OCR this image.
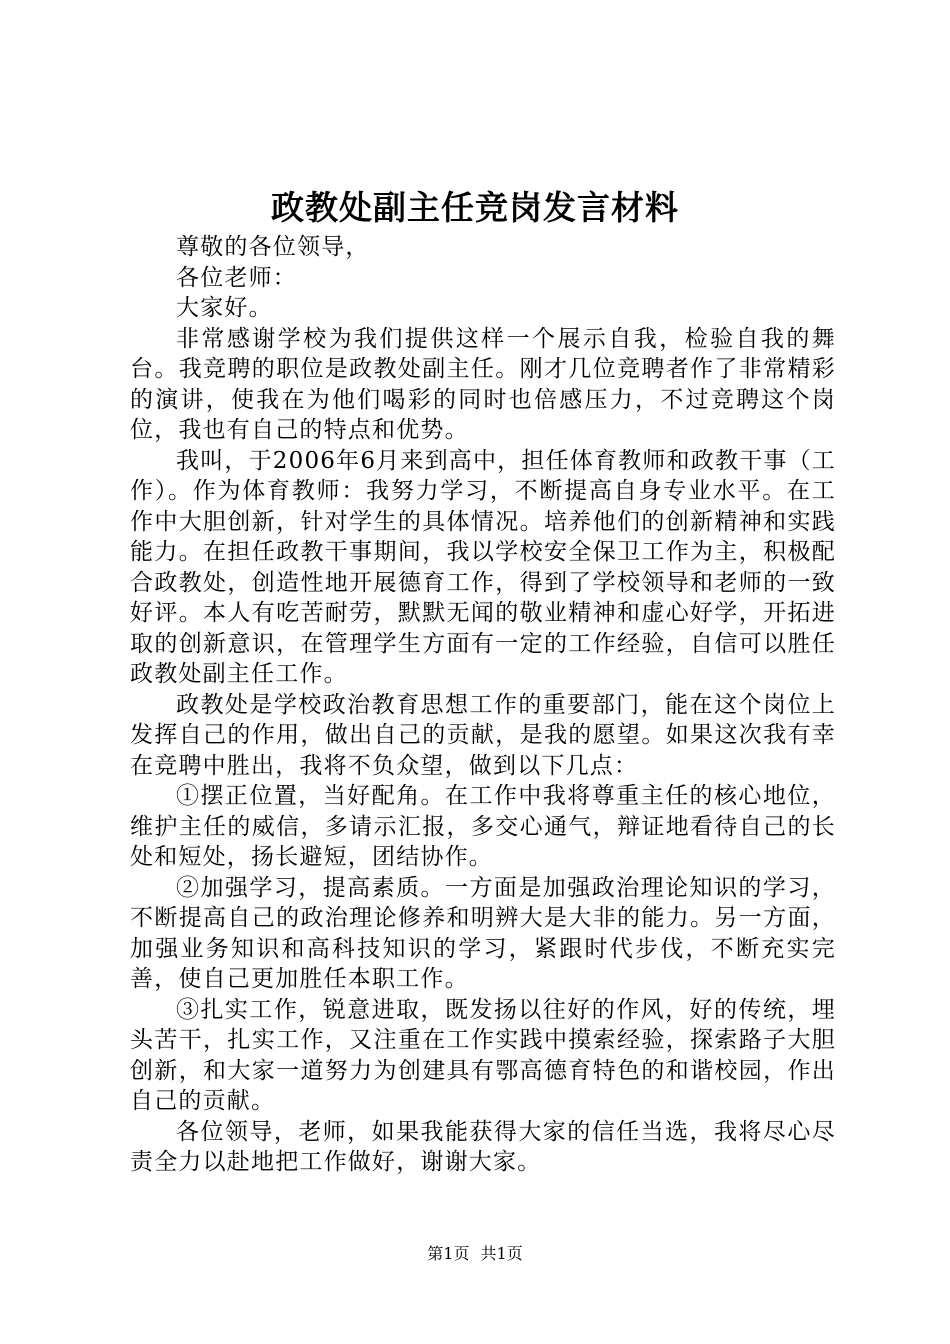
政教处副主任竞岗发言材料

尊敬的各位领导，

各位老师：

大家好。

非常感谢学校为我们提供这样一个展示自我，检验自我的舞台。我竞聘的职位是政教处副主任。刚才几位竞聘者作了非常精彩的演讲，使我在为他们喝彩的同时也倍感压力，不过竞聘这个岗位，我也有自己的特点和优势。

我叫，于2006年6月来到高中，担任体育教师和政教干事（工作）。作为体育教师：我努力学习，不断提高自身专业水平。在工作中大胆创新，针对学生的具体情况。培养他们的创新精神和实践能力。在担任政教干事期间，我以学校安全保卫工作为主，积极配合政教处，创造性地开展德育工作，得到了学校领导和老师的一致好评。本人有吃苦耐劳，默默无闻的敬业精神和虚心好学，开拓进取的创新意识，在管理学生方面有一定的工作经验，自信可以胜任政教处副主任工作。

政教处是学校政治教育思想工作的重要部门，能在这个岗位上发挥自己的作用，做出自己的贡献，是我的愿望。如果这次我有幸在竞聘中胜出，我将不负众望，做到以下几点：

①摆正位置，当好配角。在工作中我将尊重主任的核心地位，维护主任的威信，多请示汇报，多交心通气，辩证地看待自己的长处和短处，扬长避短，团结协作。

②加强学习，提高素质。一方面是加强政治理论知识的学习，不断提高自己的政治理论修养和明辨大是大非的能力。另一方面，加强业务知识和高科技知识的学习，紧跟时代步伐，不断充实完善，使自己更加胜任本职工作。

③扎实工作，锐意进取，既发扬以往好的作风，好的传统，埋头苦干，扎实工作，又注重在工作实践中摸索经验，探索路子大胆创新，和大家一道努力为创建具有鄂高德育特色的和谐校园，作出自己的贡献。

各位领导，老师，如果我能获得大家的信任当选，我将尽心尽责全力以赴地把工作做好，谢谢大家。

第1页 共1页
